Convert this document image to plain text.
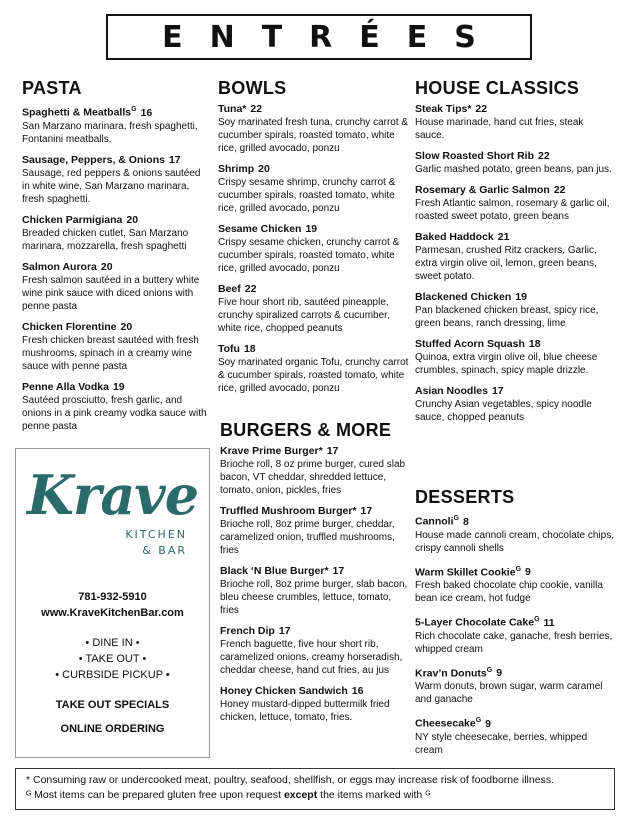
ENTRÉES
PASTA
Spaghetti & Meatballs$^G$ 16
San Marzano marinara, fresh spaghetti, Fontanini meatballs.
Sausage, Peppers, & Onions 17
Sausage, red peppers & onions sautéed in white wine, San Marzano marinara, fresh spaghetti.
Chicken Parmigiana 20
Breaded chicken cutlet, San Marzano marinara, mozzarella, fresh spaghetti
Salmon Aurora 20
Fresh salmon sautéed in a buttery white wine pink sauce with diced onions with penne pasta
Chicken Florentine 20
Fresh chicken breast sautéed with fresh mushrooms, spinach in a creamy wine sauce with penne pasta
Penne Alla Vodka 19
Sautéed prosciutto, fresh garlic, and onions in a pink creamy vodka sauce with penne pasta
BOWLS
Tuna* 22
Soy marinated fresh tuna, crunchy carrot & cucumber spirals, roasted tomato, white rice, grilled avocado, ponzu
Shrimp 20
Crispy sesame shrimp, crunchy carrot & cucumber spirals, roasted tomato, white rice, grilled avocado, ponzu
Sesame Chicken 19
Crispy sesame chicken, crunchy carrot & cucumber spirals, roasted tomato, white rice, grilled avocado, ponzu
Beef 22
Five hour short rib, sautéed pineapple, crunchy spiralized carrots & cucumber, white rice, chopped peanuts
Tofu 18
Soy marinated organic Tofu, crunchy carrot & cucumber spirals, roasted tomato, white rice, grilled avocado, ponzu
BURGERS & MORE
Krave Prime Burger* 17
Brioche roll, 8 oz prime burger, cured slab bacon, VT cheddar, shredded lettuce, tomato, onion, pickles, fries
Truffled Mushroom Burger* 17
Brioche roll, 8oz prime burger, cheddar, caramelized onion, truffled mushrooms, fries
Black ‘N Blue Burger* 17
Brioche roll, 8oz prime burger, slab bacon, bleu cheese crumbles, lettuce, tomato, fries
French Dip 17
French baguette, five hour short rib, caramelized onions, creamy horseradish, cheddar cheese, hand cut fries, au jus
Honey Chicken Sandwich 16
Honey mustard-dipped buttermilk fried chicken, lettuce, tomato, fries.
HOUSE CLASSICS
Steak Tips* 22
House marinade, hand cut fries, steak sauce.
Slow Roasted Short Rib 22
Garlic mashed potato, green beans, pan jus.
Rosemary & Garlic Salmon 22
Fresh Atlantic salmon, rosemary & garlic oil, roasted sweet potato, green beans
Baked Haddock 21
Parmesan, crushed Ritz crackers, Garlic, extra virgin olive oil, lemon, green beans, sweet potato.
Blackened Chicken 19
Pan blackened chicken breast, spicy rice, green beans, ranch dressing, lime
Stuffed Acorn Squash 18
Quinoa, extra virgin olive oil, blue cheese crumbles, spinach, spicy maple drizzle.
Asian Noodles 17
Crunchy Asian vegetables, spicy noodle sauce, chopped peanuts
DESSERTS
Cannoli$^G$ 8
House made cannoli cream, chocolate chips, crispy cannoli shells
Warm Skillet Cookie$^G$ 9
Fresh baked chocolate chip cookie, vanilla bean ice cream, hot fudge
5-Layer Chocolate Cake$^G$ 11
Rich chocolate cake, ganache, fresh berries, whipped cream
Krav’n Donuts$^G$ 9
Warm donuts, brown sugar, warm caramel and ganache
Cheesecake$^G$ 9
NY style cheesecake, berries, whipped cream
Krave
KITCHEN
& BAR
781-932-5910
www.KraveKitchenBar.com
• DINE IN •
• TAKE OUT •
• CURBSIDE PICKUP •
TAKE OUT SPECIALS
ONLINE ORDERING
* Consuming raw or undercooked meat, poultry, seafood, shellfish, or eggs may increase risk of foodborne illness.
ᴳ Most items can be prepared gluten free upon request except the items marked with ᴳ
